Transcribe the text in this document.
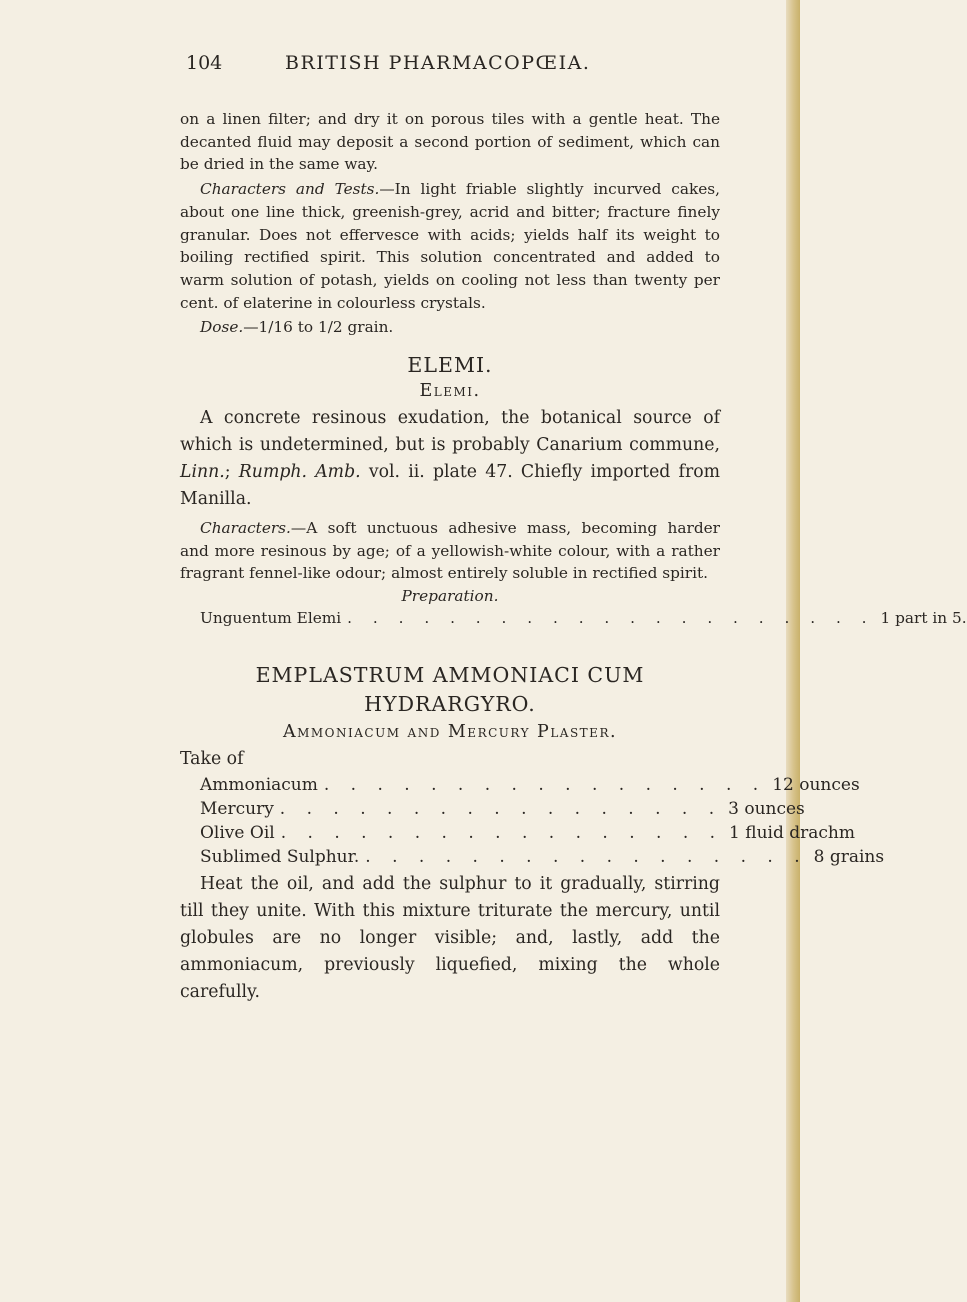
104	BRITISH PHARMACOPŒIA.

on a linen filter; and dry it on porous tiles with a gentle heat. The decanted fluid may deposit a second portion of sediment, which can be dried in the same way.

Characters and Tests.—In light friable slightly incurved cakes, about one line thick, greenish-grey, acrid and bitter; fracture finely granular. Does not effervesce with acids; yields half its weight to boiling rectified spirit. This solution concentrated and added to warm solution of potash, yields on cooling not less than twenty per cent. of elaterine in colourless crystals.

Dose.—1/16 to 1/2 grain.

ELEMI.

Elemi.

A concrete resinous exudation, the botanical source of which is undetermined, but is probably Canarium commune, Linn.; Rumph. Amb. vol. ii. plate 47. Chiefly imported from Manilla.

Characters.—A soft unctuous adhesive mass, becoming harder and more resinous by age; of a yellowish-white colour, with a rather fragrant fennel-like odour; almost entirely soluble in rectified spirit.

Preparation.

Unguentum Elemi . . . . . . . . . . . . . . . . . . . . . 1 part in 5.

EMPLASTRUM AMMONIACI CUM

HYDRARGYRO.

Ammoniacum and Mercury Plaster.

Take of

Ammoniacum . . . . . . . . . . . . . . . . . 12 ounces
Mercury . . . . . . . . . . . . . . . . . 3 ounces
Olive Oil . . . . . . . . . . . . . . . . . 1 fluid drachm
Sublimed Sulphur. . . . . . . . . . . . . . . . . . 8 grains

Heat the oil, and add the sulphur to it gradually, stirring till they unite. With this mixture triturate the mercury, until globules are no longer visible; and, lastly, add the ammoniacum, previously liquefied, mixing the whole carefully.
